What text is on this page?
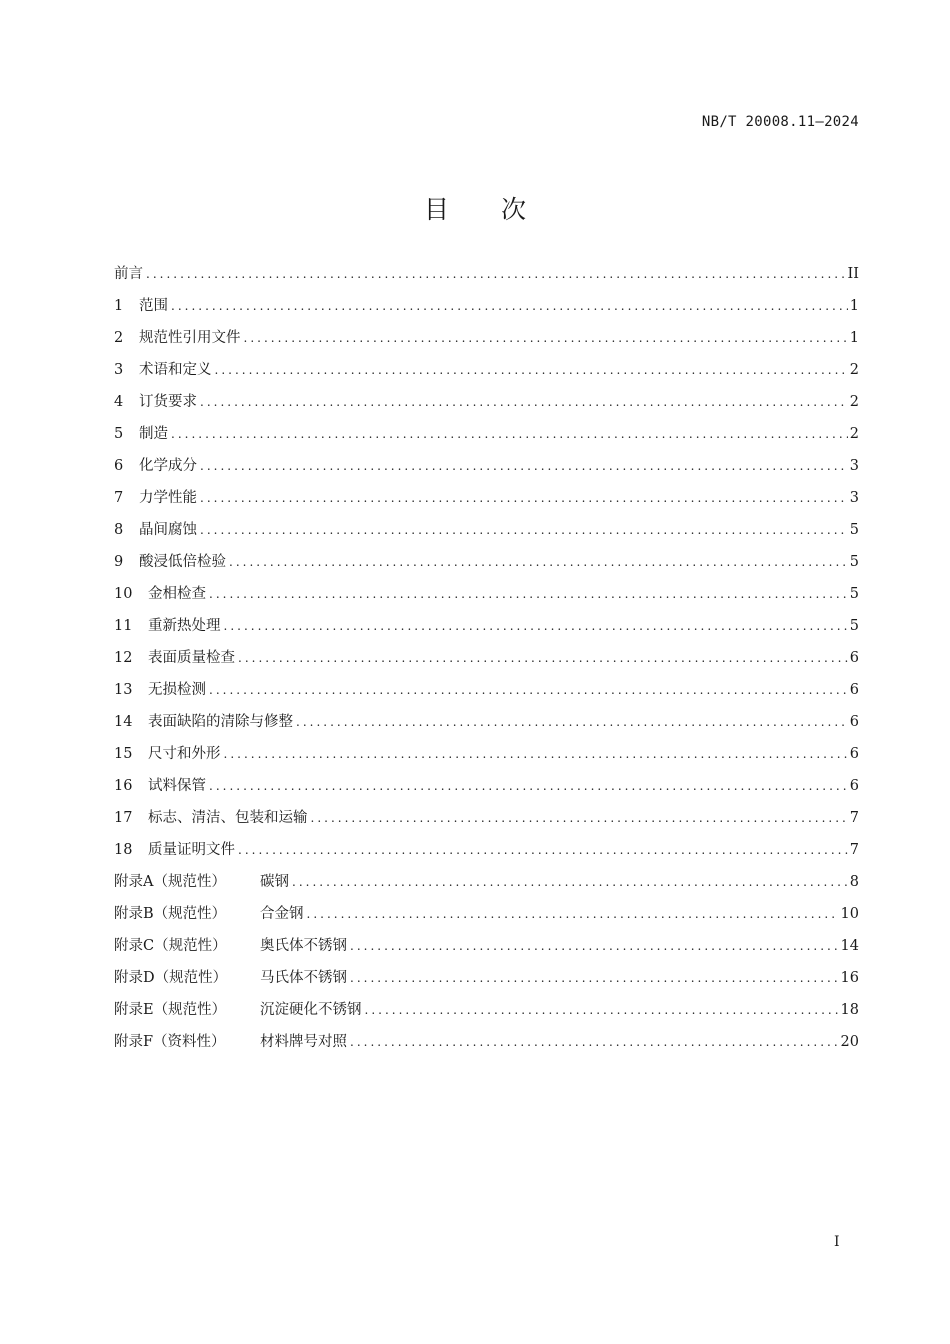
NB/T 20008.11—2024
目 次
前言 .....	II
1	范围 .....	1
2	规范性引用文件 .....	1
3	术语和定义 .....	2
4	订货要求 .....	2
5	制造 .....	2
6	化学成分 .....	3
7	力学性能 .....	3
8	晶间腐蚀 .....	5
9	酸浸低倍检验 .....	5
10	金相检查 .....	5
11	重新热处理 .....	5
12	表面质量检查 .....	6
13	无损检测 .....	6
14	表面缺陷的清除与修整 .....	6
15	尺寸和外形 .....	6
16	试料保管 .....	6
17	标志、清洁、包装和运输 .....	7
18	质量证明文件 .....	7
附录A（规范性）	碳钢 .....	8
附录B（规范性）	合金钢 .....	10
附录C（规范性）	奥氏体不锈钢 .....	14
附录D（规范性）	马氏体不锈钢 .....	16
附录E（规范性）	沉淀硬化不锈钢 .....	18
附录F（资料性）	材料牌号对照 .....	20
I
